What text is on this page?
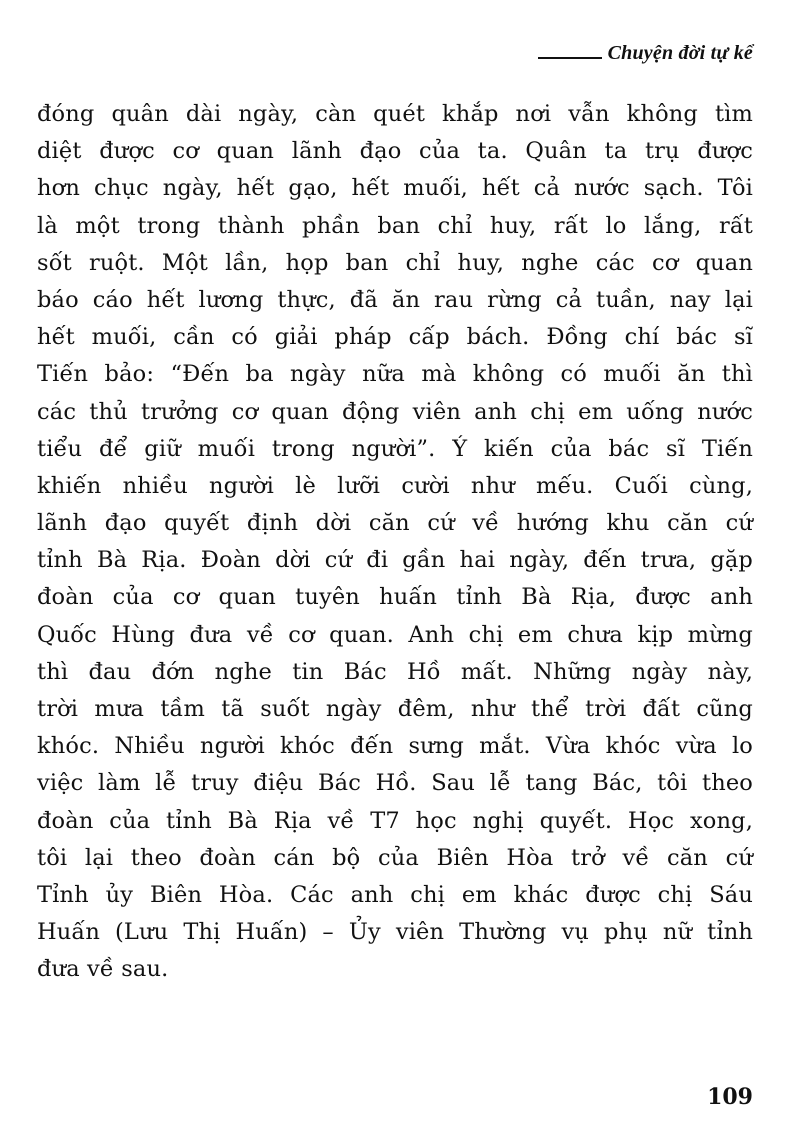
Chuyện đời tự kể
đóng quân dài ngày, càn quét khắp nơi vẫn không tìm
diệt được cơ quan lãnh đạo của ta. Quân ta trụ được
hơn chục ngày, hết gạo, hết muối, hết cả nước sạch. Tôi
là một trong thành phần ban chỉ huy, rất lo lắng, rất
sốt ruột. Một lần, họp ban chỉ huy, nghe các cơ quan
báo cáo hết lương thực, đã ăn rau rừng cả tuần, nay lại
hết muối, cần có giải pháp cấp bách. Đồng chí bác sĩ
Tiến bảo: “Đến ba ngày nữa mà không có muối ăn thì
các thủ trưởng cơ quan động viên anh chị em uống nước
tiểu để giữ muối trong người”. Ý kiến của bác sĩ Tiến
khiến nhiều người lè lưỡi cười như mếu. Cuối cùng,
lãnh đạo quyết định dời căn cứ về hướng khu căn cứ
tỉnh Bà Rịa. Đoàn dời cứ đi gần hai ngày, đến trưa, gặp
đoàn của cơ quan tuyên huấn tỉnh Bà Rịa, được anh
Quốc Hùng đưa về cơ quan. Anh chị em chưa kịp mừng
thì đau đớn nghe tin Bác Hồ mất. Những ngày này,
trời mưa tầm tã suốt ngày đêm, như thể trời đất cũng
khóc. Nhiều người khóc đến sưng mắt. Vừa khóc vừa lo
việc làm lễ truy điệu Bác Hồ. Sau lễ tang Bác, tôi theo
đoàn của tỉnh Bà Rịa về T7 học nghị quyết. Học xong,
tôi lại theo đoàn cán bộ của Biên Hòa trở về căn cứ
Tỉnh ủy Biên Hòa. Các anh chị em khác được chị Sáu
Huấn (Lưu Thị Huấn) – Ủy viên Thường vụ phụ nữ tỉnh
đưa về sau.
109
